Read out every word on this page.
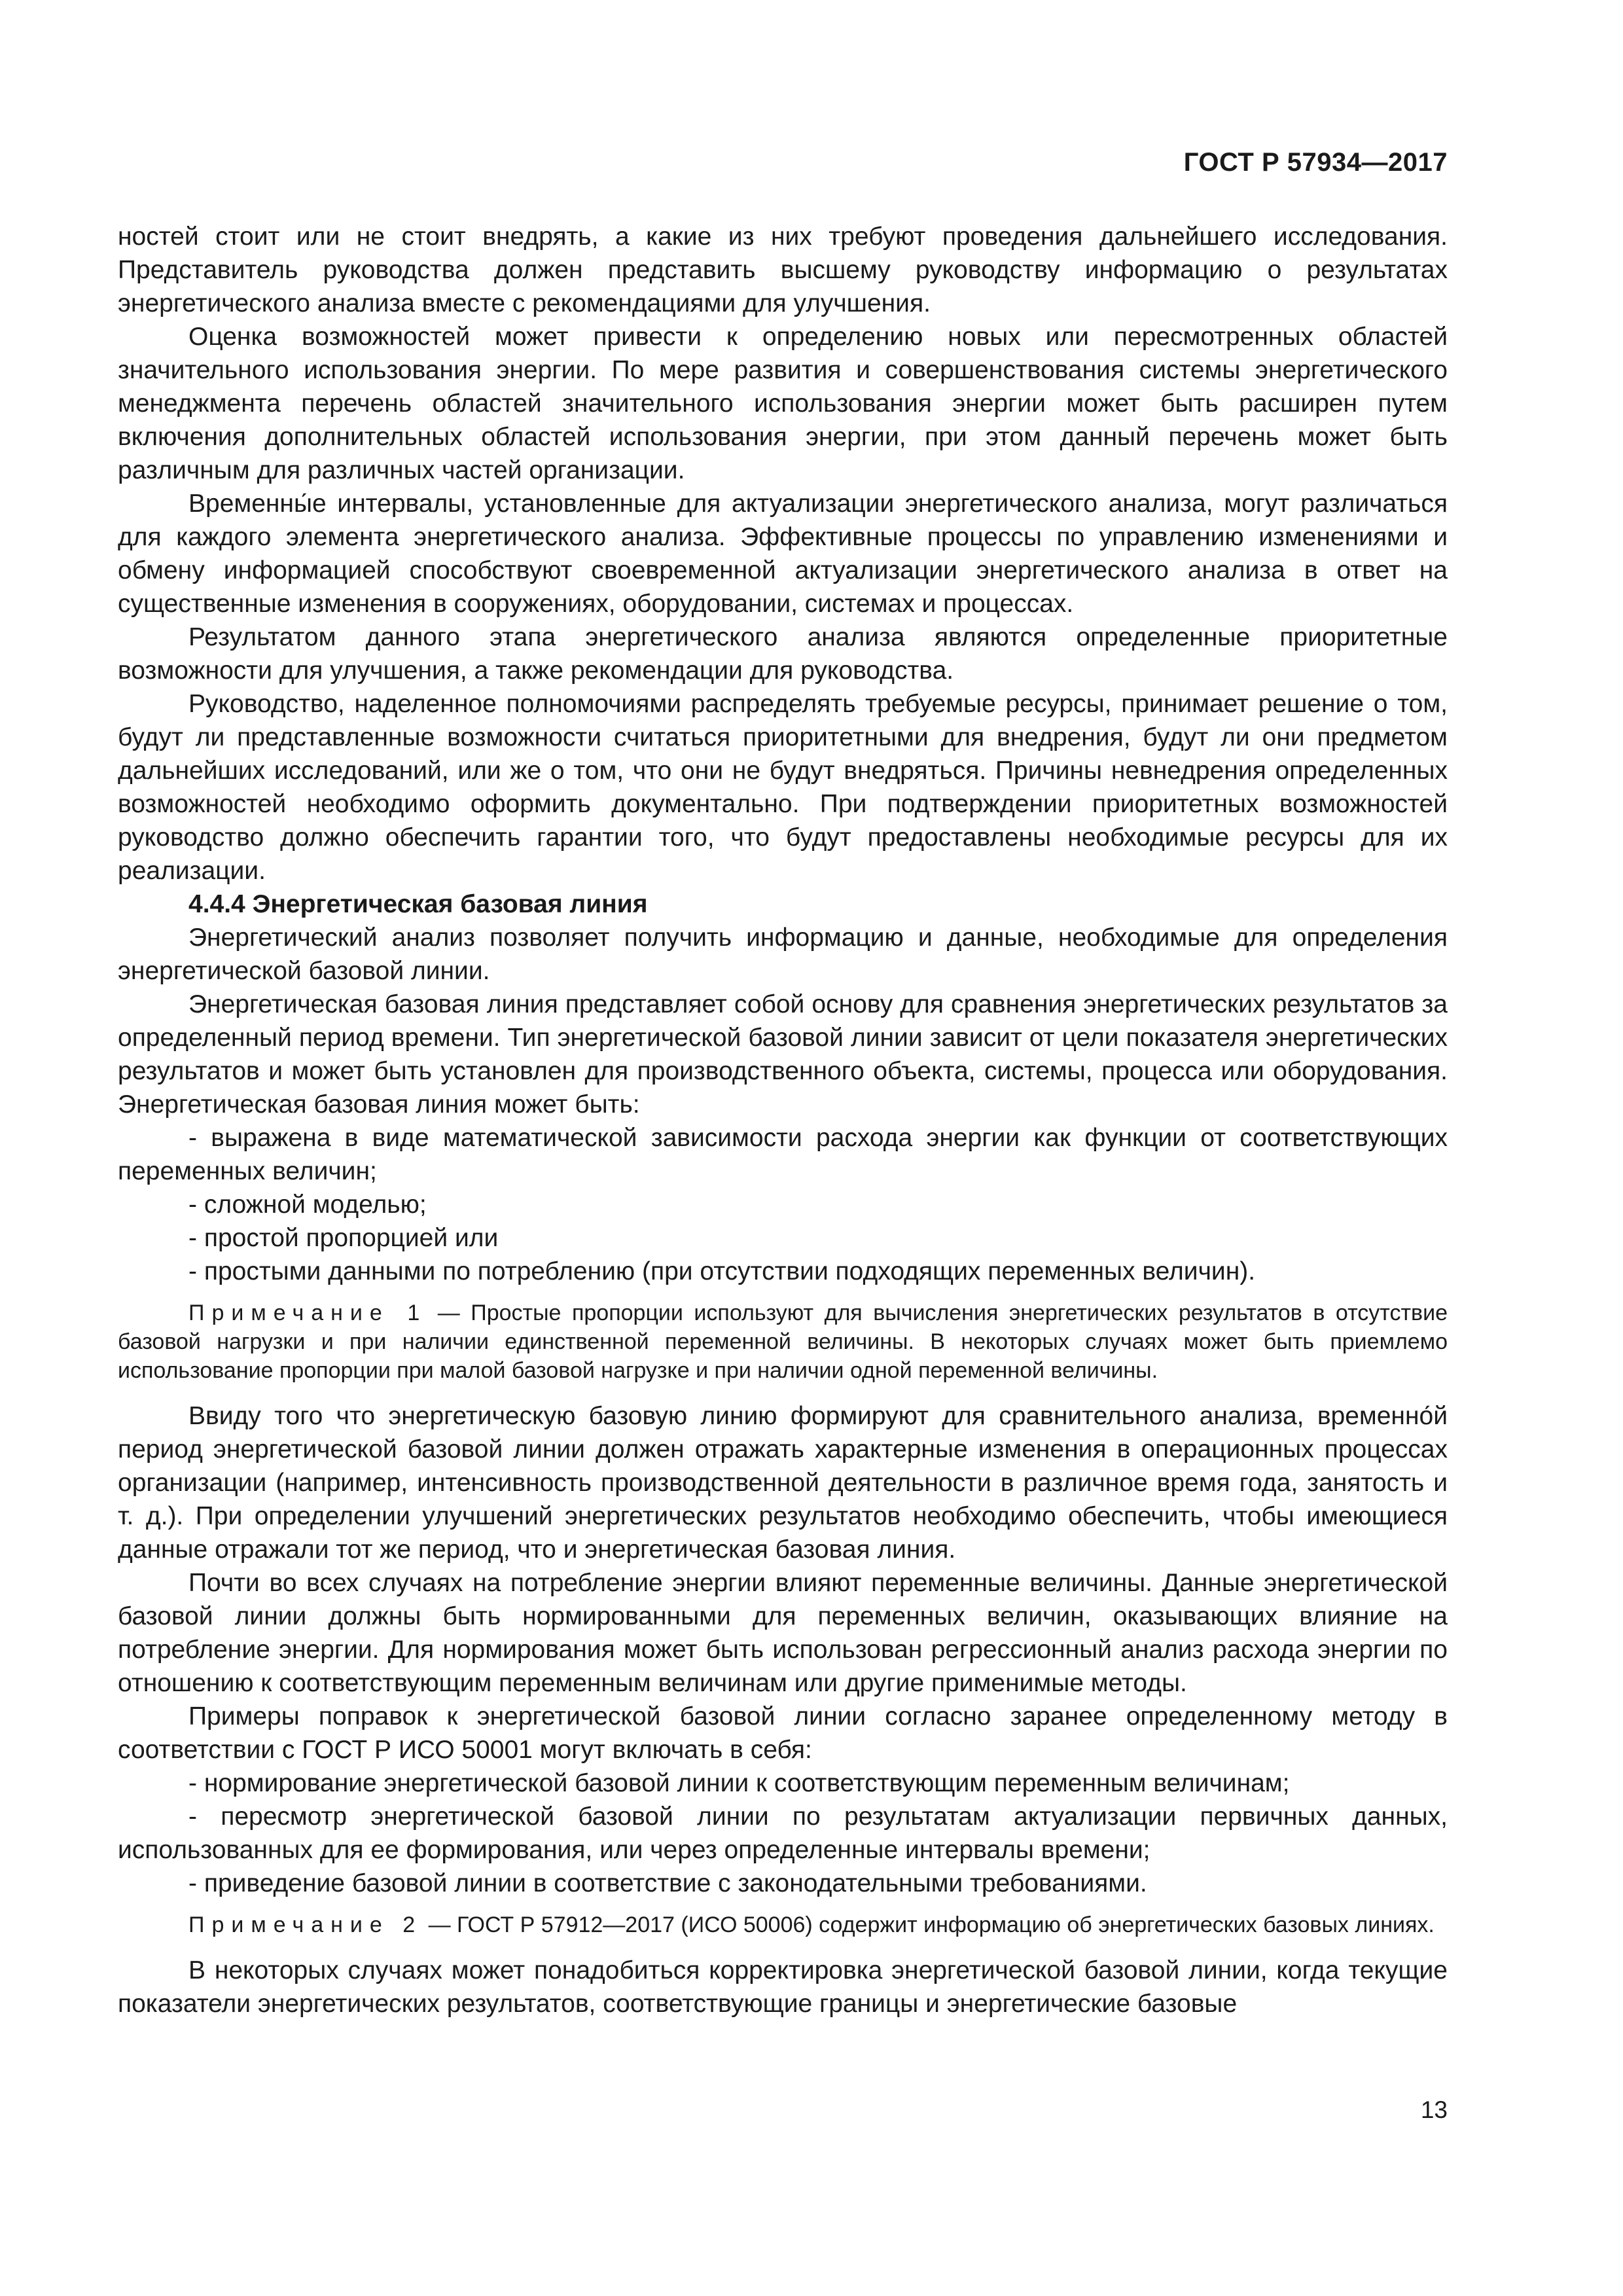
ГОСТ Р 57934—2017

ностей стоит или не стоит внедрять, а какие из них требуют проведения дальнейшего исследования. Представитель руководства должен представить высшему руководству информацию о результатах энергетического анализа вместе с рекомендациями для улучшения.

Оценка возможностей может привести к определению новых или пересмотренных областей значительного использования энергии. По мере развития и совершенствования системы энергетического менеджмента перечень областей значительного использования энергии может быть расширен путем включения дополнительных областей использования энергии, при этом данный перечень может быть различным для различных частей организации.

Временны́е интервалы, установленные для актуализации энергетического анализа, могут различаться для каждого элемента энергетического анализа. Эффективные процессы по управлению изменениями и обмену информацией способствуют своевременной актуализации энергетического анализа в ответ на существенные изменения в сооружениях, оборудовании, системах и процессах.

Результатом данного этапа энергетического анализа являются определенные приоритетные возможности для улучшения, а также рекомендации для руководства.

Руководство, наделенное полномочиями распределять требуемые ресурсы, принимает решение о том, будут ли представленные возможности считаться приоритетными для внедрения, будут ли они предметом дальнейших исследований, или же о том, что они не будут внедряться. Причины невнедрения определенных возможностей необходимо оформить документально. При подтверждении приоритетных возможностей руководство должно обеспечить гарантии того, что будут предоставлены необходимые ресурсы для их реализации.

4.4.4 Энергетическая базовая линия

Энергетический анализ позволяет получить информацию и данные, необходимые для определения энергетической базовой линии.

Энергетическая базовая линия представляет собой основу для сравнения энергетических результатов за определенный период времени. Тип энергетической базовой линии зависит от цели показателя энергетических результатов и может быть установлен для производственного объекта, системы, процесса или оборудования. Энергетическая базовая линия может быть:

- выражена в виде математической зависимости расхода энергии как функции от соответствующих переменных величин;

- сложной моделью;

- простой пропорцией или

- простыми данными по потреблению (при отсутствии подходящих переменных величин).

Примечание 1 — Простые пропорции используют для вычисления энергетических результатов в отсутствие базовой нагрузки и при наличии единственной переменной величины. В некоторых случаях может быть приемлемо использование пропорции при малой базовой нагрузке и при наличии одной переменной величины.

Ввиду того что энергетическую базовую линию формируют для сравнительного анализа, временно́й период энергетической базовой линии должен отражать характерные изменения в операционных процессах организации (например, интенсивность производственной деятельности в различное время года, занятость и т. д.). При определении улучшений энергетических результатов необходимо обеспечить, чтобы имеющиеся данные отражали тот же период, что и энергетическая базовая линия.

Почти во всех случаях на потребление энергии влияют переменные величины. Данные энергетической базовой линии должны быть нормированными для переменных величин, оказывающих влияние на потребление энергии. Для нормирования может быть использован регрессионный анализ расхода энергии по отношению к соответствующим переменным величинам или другие применимые методы.

Примеры поправок к энергетической базовой линии согласно заранее определенному методу в соответствии с ГОСТ Р ИСО 50001 могут включать в себя:

- нормирование энергетической базовой линии к соответствующим переменным величинам;

- пересмотр энергетической базовой линии по результатам актуализации первичных данных, использованных для ее формирования, или через определенные интервалы времени;

- приведение базовой линии в соответствие с законодательными требованиями.

Примечание 2 — ГОСТ Р 57912—2017 (ИСО 50006) содержит информацию об энергетических базовых линиях.

В некоторых случаях может понадобиться корректировка энергетической базовой линии, когда текущие показатели энергетических результатов, соответствующие границы и энергетические базовые

13
